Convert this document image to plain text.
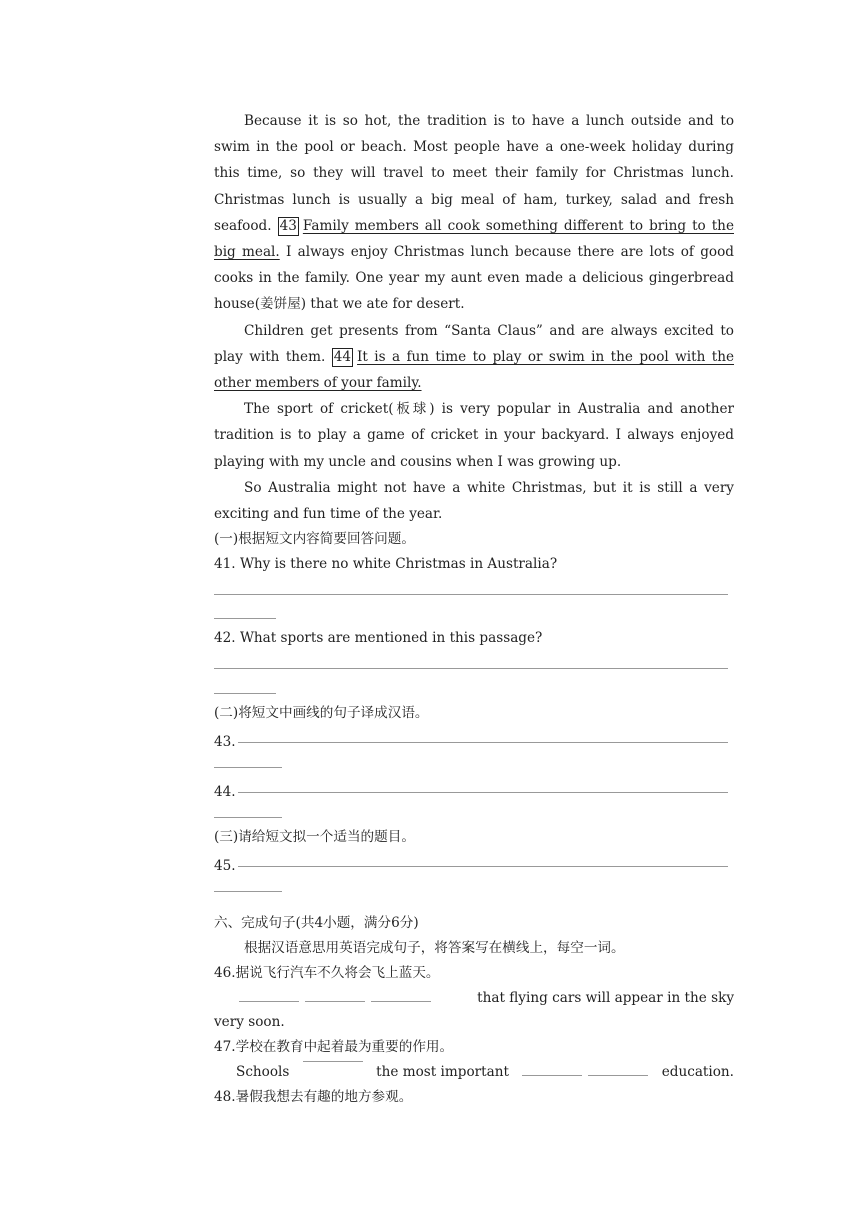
Because it is so hot, the tradition is to have a lunch outside and to swim in the pool or beach. Most people have a one-week holiday during this time, so they will travel to meet their family for Christmas lunch. Christmas lunch is usually a big meal of ham, turkey, salad and fresh seafood. 43 Family members all cook something different to bring to the big meal. I always enjoy Christmas lunch because there are lots of good cooks in the family. One year my aunt even made a delicious gingerbread house(姜饼屋) that we ate for desert.

Children get presents from “Santa Claus” and are always excited to play with them. 44 It is a fun time to play or swim in the pool with the other members of your family.

The sport of cricket(板球) is very popular in Australia and another tradition is to play a game of cricket in your backyard. I always enjoyed playing with my uncle and cousins when I was growing up.

So Australia might not have a white Christmas, but it is still a very exciting and fun time of the year.

(一)根据短文内容简要回答问题。

41. Why is there no white Christmas in Australia?

42. What sports are mentioned in this passage?

(二)将短文中画线的句子译成汉语。

43.
44.

(三)请给短文拟一个适当的题目。

45.

六、完成句子(共4小题，满分6分)

根据汉语意思用英语完成句子，将答案写在横线上，每空一词。

46.据说飞行汽车不久将会飞上蓝天。

that flying cars will appear in the sky

very soon.

47.学校在教育中起着最为重要的作用。

Schools	the most important	education.

48.暑假我想去有趣的地方参观。
